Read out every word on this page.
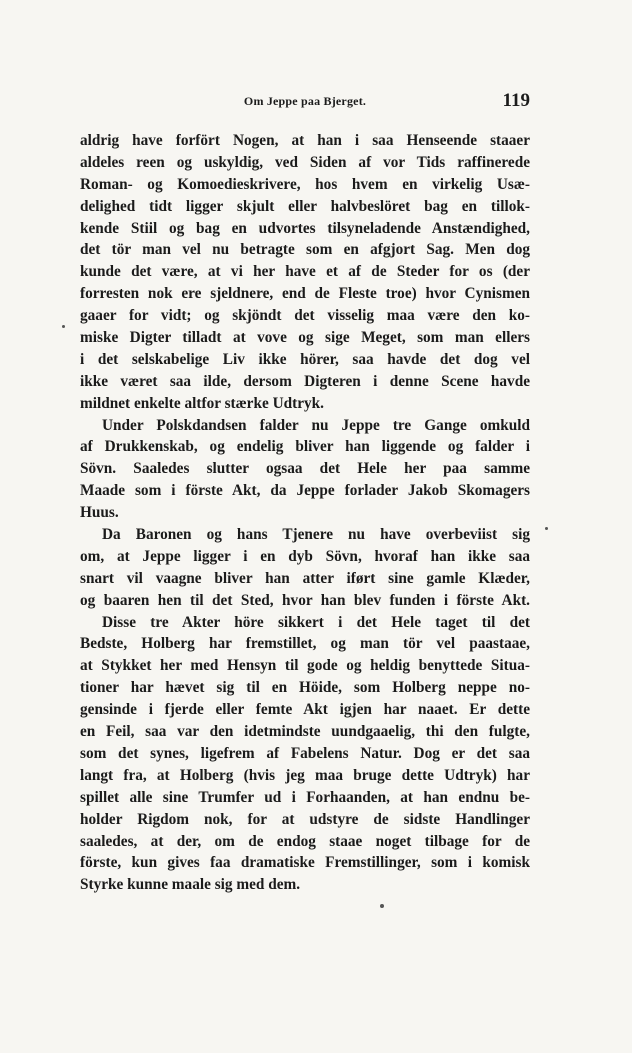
Om Jeppe paa Bjerget.	119
aldrig have forfört Nogen, at han i saa Henseende staaer
aldeles reen og uskyldig, ved Siden af vor Tids raffinerede
Roman- og Komoedieskrivere, hos hvem en virkelig Usæ-
delighed tidt ligger skjult eller halvbeslöret bag en tillok-
kende Stiil og bag en udvortes tilsyneladende Anstændighed,
det tör man vel nu betragte som en afgjort Sag. Men dog
kunde det være, at vi her have et af de Steder for os (der
forresten nok ere sjeldnere, end de Fleste troe) hvor Cynismen
gaaer for vidt; og skjöndt det visselig maa være den ko-
miske Digter tilladt at vove og sige Meget, som man ellers
i det selskabelige Liv ikke hörer, saa havde det dog vel
ikke været saa ilde, dersom Digteren i denne Scene havde
mildnet enkelte altfor stærke Udtryk.
Under Polskdandsen falder nu Jeppe tre Gange omkuld
af Drukkenskab, og endelig bliver han liggende og falder i
Sövn. Saaledes slutter ogsaa det Hele her paa samme
Maade som i förste Akt, da Jeppe forlader Jakob Skomagers
Huus.
Da Baronen og hans Tjenere nu have overbeviist sig
om, at Jeppe ligger i en dyb Sövn, hvoraf han ikke saa
snart vil vaagne bliver han atter iført sine gamle Klæder,
og baaren hen til det Sted, hvor han blev funden i förste Akt.
Disse tre Akter höre sikkert i det Hele taget til det
Bedste, Holberg har fremstillet, og man tör vel paastaae,
at Stykket her med Hensyn til gode og heldig benyttede Situa-
tioner har hævet sig til en Höide, som Holberg neppe no-
gensinde i fjerde eller femte Akt igjen har naaet. Er dette
en Feil, saa var den idetmindste uundgaaelig, thi den fulgte,
som det synes, ligefrem af Fabelens Natur. Dog er det saa
langt fra, at Holberg (hvis jeg maa bruge dette Udtryk) har
spillet alle sine Trumfer ud i Forhaanden, at han endnu be-
holder Rigdom nok, for at udstyre de sidste Handlinger
saaledes, at der, om de endog staae noget tilbage for de
förste, kun gives faa dramatiske Fremstillinger, som i komisk
Styrke kunne maale sig med dem.
